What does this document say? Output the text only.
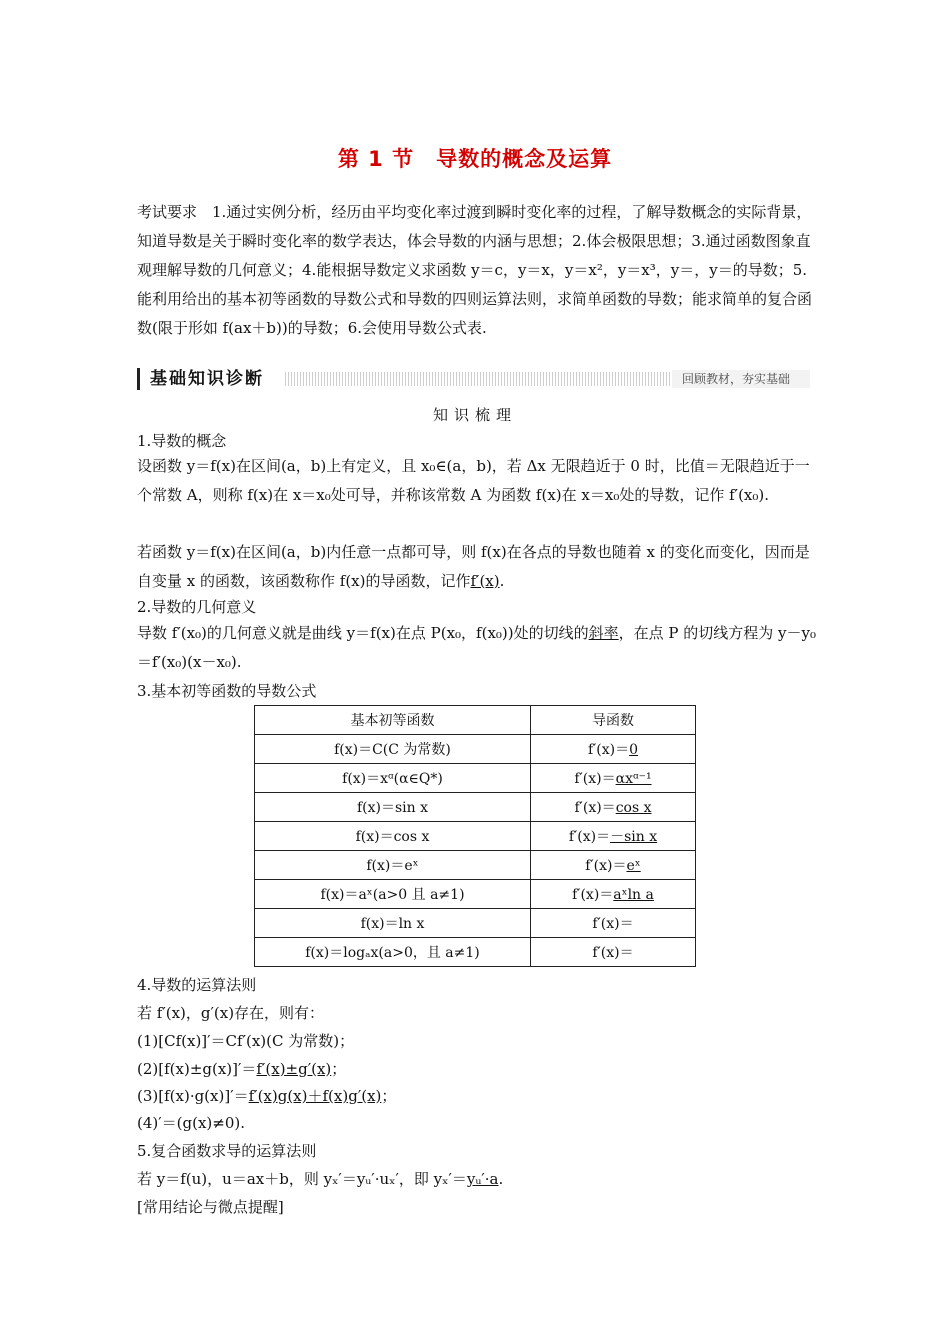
第 1 节　导数的概念及运算
考试要求　1.通过实例分析，经历由平均变化率过渡到瞬时变化率的过程，了解导数概念的实际背景，知道导数是关于瞬时变化率的数学表达，体会导数的内涵与思想；2.体会极限思想；3.通过函数图象直观理解导数的几何意义；4.能根据导数定义求函数 y＝c，y＝x，y＝x²，y＝x³，y＝，y＝的导数；5.能利用给出的基本初等函数的导数公式和导数的四则运算法则，求简单函数的导数；能求简单的复合函数(限于形如 f(ax＋b))的导数；6.会使用导数公式表.
基础知识诊断	回顾教材，夯实基础
知识梳理
1.导数的概念
设函数 y＝f(x)在区间(a，b)上有定义，且 x₀∈(a，b)，若 Δx 无限趋近于 0 时，比值＝无限趋近于一个常数 A，则称 f(x)在 x＝x₀处可导，并称该常数 A 为函数 f(x)在 x＝x₀处的导数，记作 f′(x₀).
若函数 y＝f(x)在区间(a，b)内任意一点都可导，则 f(x)在各点的导数也随着 x 的变化而变化，因而是自变量 x 的函数，该函数称作 f(x)的导函数，记作f′(x).
2.导数的几何意义
导数 f′(x₀)的几何意义就是曲线 y＝f(x)在点 P(x₀，f(x₀))处的切线的斜率，在点 P 的切线方程为 y－y₀＝f′(x₀)(x－x₀).
3.基本初等函数的导数公式
基本初等函数	导函数
f(x)＝C(C 为常数)	f′(x)＝0
f(x)＝xᵅ(α∈Q*)	f′(x)＝αxᵅ⁻¹
f(x)＝sin x	f′(x)＝cos x
f(x)＝cos x	f′(x)＝－sin x
f(x)＝eˣ	f′(x)＝eˣ
f(x)＝aˣ(a>0 且 a≠1)	f′(x)＝aˣln a
f(x)＝ln x	f′(x)＝
f(x)＝logₐx(a>0，且 a≠1)	f′(x)＝
4.导数的运算法则
若 f′(x)，g′(x)存在，则有：
(1)[Cf(x)]′＝Cf′(x)(C 为常数)；
(2)[f(x)±g(x)]′＝f′(x)±g′(x)；
(3)[f(x)·g(x)]′＝f′(x)g(x)＋f(x)g′(x)；
(4)′＝(g(x)≠0).
5.复合函数求导的运算法则
若 y＝f(u)，u＝ax＋b，则 yₓ′＝yᵤ′·uₓ′，即 yₓ′＝yᵤ′·a.
[常用结论与微点提醒]
